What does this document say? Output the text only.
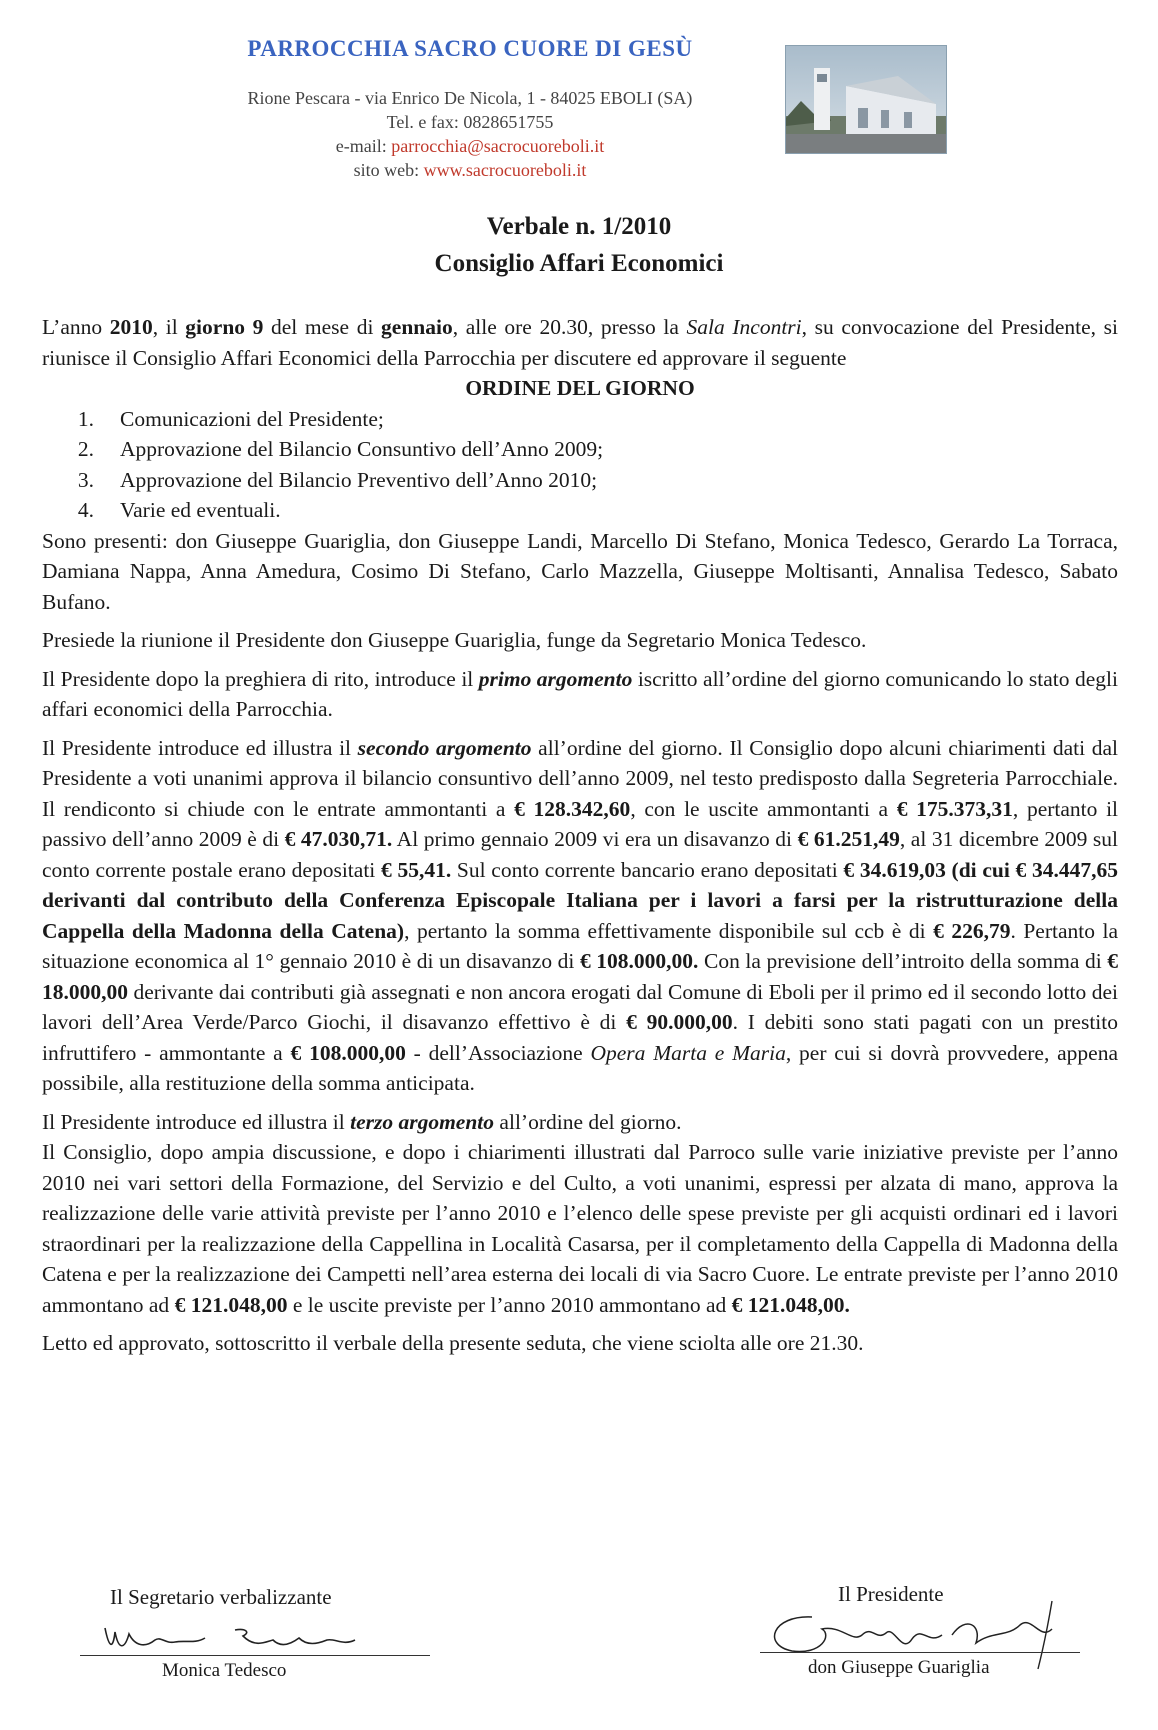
PARROCCHIA SACRO CUORE DI GESÙ
Rione Pescara - via Enrico De Nicola, 1 - 84025 EBOLI (SA)
Tel. e fax: 0828651755
e-mail: parrocchia@sacrocuoreboli.it
sito web: www.sacrocuoreboli.it
Verbale n. 1/2010
Consiglio Affari Economici

L’anno 2010, il giorno 9 del mese di gennaio, alle ore 20.30, presso la Sala Incontri, su convocazione del Presidente, si riunisce il Consiglio Affari Economici della Parrocchia per discutere ed approvare il seguente

ORDINE DEL GIORNO

1.	Comunicazioni del Presidente;
2.	Approvazione del Bilancio Consuntivo dell’Anno 2009;
3.	Approvazione del Bilancio Preventivo dell’Anno 2010;
4.	Varie ed eventuali.

Sono presenti: don Giuseppe Guariglia, don Giuseppe Landi, Marcello Di Stefano, Monica Tedesco, Gerardo La Torraca, Damiana Nappa, Anna Amedura, Cosimo Di Stefano, Carlo Mazzella, Giuseppe Moltisanti, Annalisa Tedesco, Sabato Bufano.

Presiede la riunione il Presidente don Giuseppe Guariglia, funge da Segretario Monica Tedesco.

Il Presidente dopo la preghiera di rito, introduce il primo argomento iscritto all’ordine del giorno comunicando lo stato degli affari economici della Parrocchia.

Il Presidente introduce ed illustra il secondo argomento all’ordine del giorno. Il Consiglio dopo alcuni chiarimenti dati dal Presidente a voti unanimi approva il bilancio consuntivo dell’anno 2009, nel testo predisposto dalla Segreteria Parrocchiale. Il rendiconto si chiude con le entrate ammontanti a € 128.342,60, con le uscite ammontanti a € 175.373,31, pertanto il passivo dell’anno 2009 è di € 47.030,71. Al primo gennaio 2009 vi era un disavanzo di € 61.251,49, al 31 dicembre 2009 sul conto corrente postale erano depositati € 55,41. Sul conto corrente bancario erano depositati € 34.619,03 (di cui € 34.447,65 derivanti dal contributo della Conferenza Episcopale Italiana per i lavori a farsi per la ristrutturazione della Cappella della Madonna della Catena), pertanto la somma effettivamente disponibile sul ccb è di € 226,79. Pertanto la situazione economica al 1° gennaio 2010 è di un disavanzo di € 108.000,00. Con la previsione dell’introito della somma di € 18.000,00 derivante dai contributi già assegnati e non ancora erogati dal Comune di Eboli per il primo ed il secondo lotto dei lavori dell’Area Verde/Parco Giochi, il disavanzo effettivo è di € 90.000,00. I debiti sono stati pagati con un prestito infruttifero - ammontante a € 108.000,00 - dell’Associazione Opera Marta e Maria, per cui si dovrà provvedere, appena possibile, alla restituzione della somma anticipata.

Il Presidente introduce ed illustra il terzo argomento all’ordine del giorno.

Il Consiglio, dopo ampia discussione, e dopo i chiarimenti illustrati dal Parroco sulle varie iniziative previste per l’anno 2010 nei vari settori della Formazione, del Servizio e del Culto, a voti unanimi, espressi per alzata di mano, approva la realizzazione delle varie attività previste per l’anno 2010 e l’elenco delle spese previste per gli acquisti ordinari ed i lavori straordinari per la realizzazione della Cappellina in Località Casarsa, per il completamento della Cappella di Madonna della Catena e per la realizzazione dei Campetti nell’area esterna dei locali di via Sacro Cuore. Le entrate previste per l’anno 2010 ammontano ad € 121.048,00 e le uscite previste per l’anno 2010 ammontano ad € 121.048,00.

Letto ed approvato, sottoscritto il verbale della presente seduta, che viene sciolta alle ore 21.30.

Il Segretario verbalizzante
Monica Tedesco
Il Presidente
don Giuseppe Guariglia
